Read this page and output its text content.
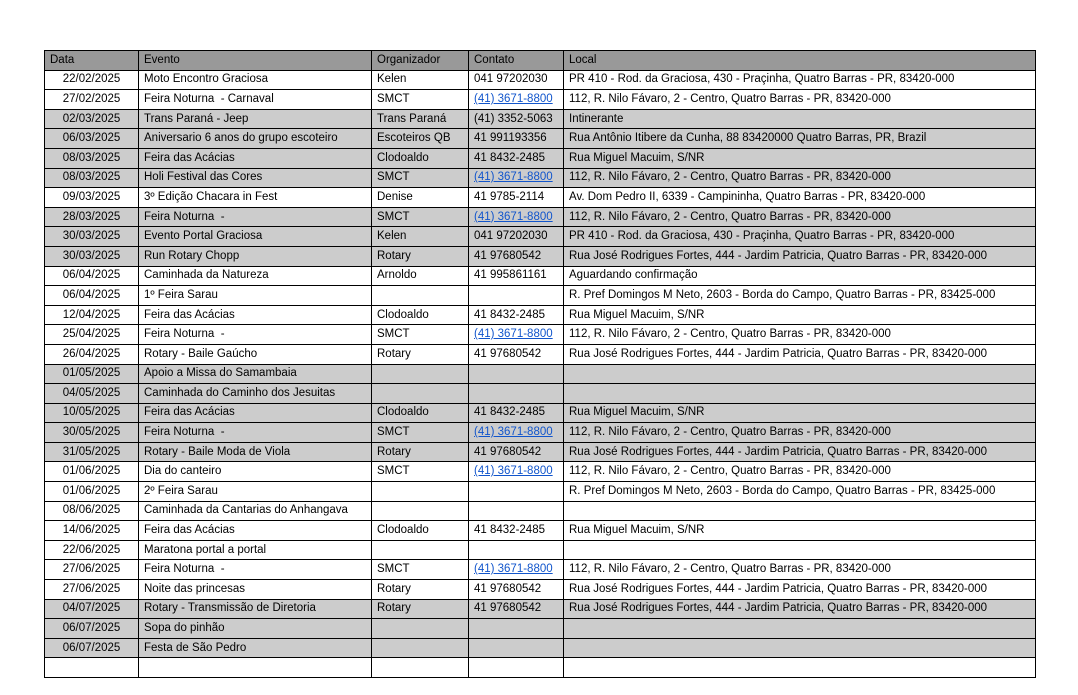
Data	Evento	Organizador	Contato	Local
22/02/2025	Moto Encontro Graciosa	Kelen	041 97202030	PR 410 - Rod. da Graciosa, 430 - Praçinha, Quatro Barras - PR, 83420-000
27/02/2025	Feira Noturna  - Carnaval	SMCT	(41) 3671-8800	112, R. Nilo Fávaro, 2 - Centro, Quatro Barras - PR, 83420-000
02/03/2025	Trans Paraná - Jeep	Trans Paraná	(41) 3352-5063	Intinerante
06/03/2025	Aniversario 6 anos do grupo escoteiro	Escoteiros QB	41 991193356	Rua Antônio Itibere da Cunha, 88 83420000 Quatro Barras, PR, Brazil
08/03/2025	Feira das Acácias	Clodoaldo	41 8432-2485	Rua Miguel Macuim, S/NR
08/03/2025	Holi Festival das Cores	SMCT	(41) 3671-8800	112, R. Nilo Fávaro, 2 - Centro, Quatro Barras - PR, 83420-000
09/03/2025	3º Edição Chacara in Fest	Denise	41 9785-2114	Av. Dom Pedro II, 6339 - Campininha, Quatro Barras - PR, 83420-000
28/03/2025	Feira Noturna  -	SMCT	(41) 3671-8800	112, R. Nilo Fávaro, 2 - Centro, Quatro Barras - PR, 83420-000
30/03/2025	Evento Portal Graciosa	Kelen	041 97202030	PR 410 - Rod. da Graciosa, 430 - Praçinha, Quatro Barras - PR, 83420-000
30/03/2025	Run Rotary Chopp	Rotary	41 97680542	Rua José Rodrigues Fortes, 444 - Jardim Patricia, Quatro Barras - PR, 83420-000
06/04/2025	Caminhada da Natureza	Arnoldo	41 995861161	Aguardando confirmação
06/04/2025	1º Feira Sarau			R. Pref Domingos M Neto, 2603 - Borda do Campo, Quatro Barras - PR, 83425-000
12/04/2025	Feira das Acácias	Clodoaldo	41 8432-2485	Rua Miguel Macuim, S/NR
25/04/2025	Feira Noturna  -	SMCT	(41) 3671-8800	112, R. Nilo Fávaro, 2 - Centro, Quatro Barras - PR, 83420-000
26/04/2025	Rotary - Baile Gaúcho	Rotary	41 97680542	Rua José Rodrigues Fortes, 444 - Jardim Patricia, Quatro Barras - PR, 83420-000
01/05/2025	Apoio a Missa do Samambaia			
04/05/2025	Caminhada do Caminho dos Jesuitas			
10/05/2025	Feira das Acácias	Clodoaldo	41 8432-2485	Rua Miguel Macuim, S/NR
30/05/2025	Feira Noturna  -	SMCT	(41) 3671-8800	112, R. Nilo Fávaro, 2 - Centro, Quatro Barras - PR, 83420-000
31/05/2025	Rotary - Baile Moda de Viola	Rotary	41 97680542	Rua José Rodrigues Fortes, 444 - Jardim Patricia, Quatro Barras - PR, 83420-000
01/06/2025	Dia do canteiro	SMCT	(41) 3671-8800	112, R. Nilo Fávaro, 2 - Centro, Quatro Barras - PR, 83420-000
01/06/2025	2º Feira Sarau			R. Pref Domingos M Neto, 2603 - Borda do Campo, Quatro Barras - PR, 83425-000
08/06/2025	Caminhada da Cantarias do Anhangava			
14/06/2025	Feira das Acácias	Clodoaldo	41 8432-2485	Rua Miguel Macuim, S/NR
22/06/2025	Maratona portal a portal			
27/06/2025	Feira Noturna  -	SMCT	(41) 3671-8800	112, R. Nilo Fávaro, 2 - Centro, Quatro Barras - PR, 83420-000
27/06/2025	Noite das princesas	Rotary	41 97680542	Rua José Rodrigues Fortes, 444 - Jardim Patricia, Quatro Barras - PR, 83420-000
04/07/2025	Rotary - Transmissão de Diretoria	Rotary	41 97680542	Rua José Rodrigues Fortes, 444 - Jardim Patricia, Quatro Barras - PR, 83420-000
06/07/2025	Sopa do pinhão			
06/07/2025	Festa de São Pedro			
